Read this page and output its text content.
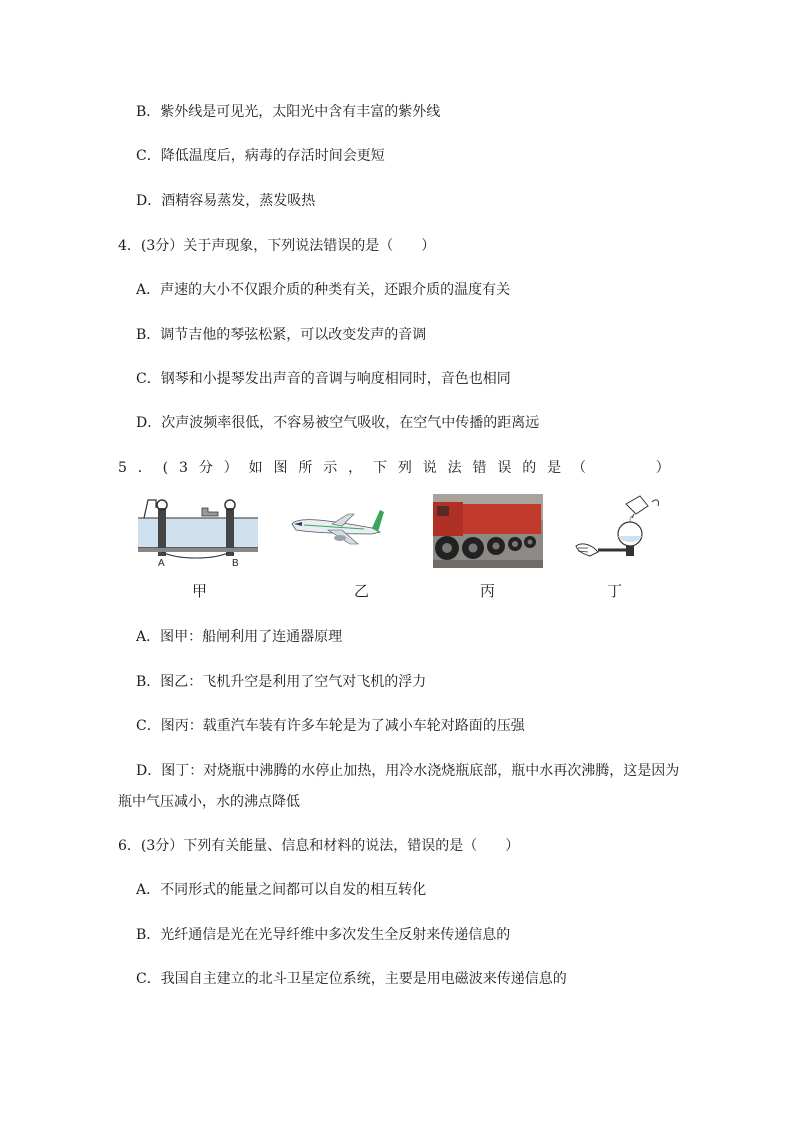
B．紫外线是可见光，太阳光中含有丰富的紫外线
C．降低温度后，病毒的存活时间会更短
D．酒精容易蒸发，蒸发吸热
4．(3分）关于声现象，下列说法错误的是（　　）
A．声速的大小不仅跟介质的种类有关，还跟介质的温度有关
B．调节吉他的琴弦松紧，可以改变发声的音调
C．钢琴和小提琴发出声音的音调与响度相同时，音色也相同
D．次声波频率很低，不容易被空气吸收，在空气中传播的距离远
5 ． ( 3 分 ） 如 图 所 示 ， 下 列 说 法 错 误 的 是 （	）
A	B
甲	乙	丙	丁
A．图甲：船闸利用了连通器原理
B．图乙：飞机升空是利用了空气对飞机的浮力
C．图丙：载重汽车装有许多车轮是为了减小车轮对路面的压强
D．图丁：对烧瓶中沸腾的水停止加热，用冷水浇烧瓶底部，瓶中水再次沸腾，这是因为
瓶中气压减小，水的沸点降低
6．(3分）下列有关能量、信息和材料的说法，错误的是（　　）
A．不同形式的能量之间都可以自发的相互转化
B．光纤通信是光在光导纤维中多次发生全反射来传递信息的
C．我国自主建立的北斗卫星定位系统，主要是用电磁波来传递信息的
